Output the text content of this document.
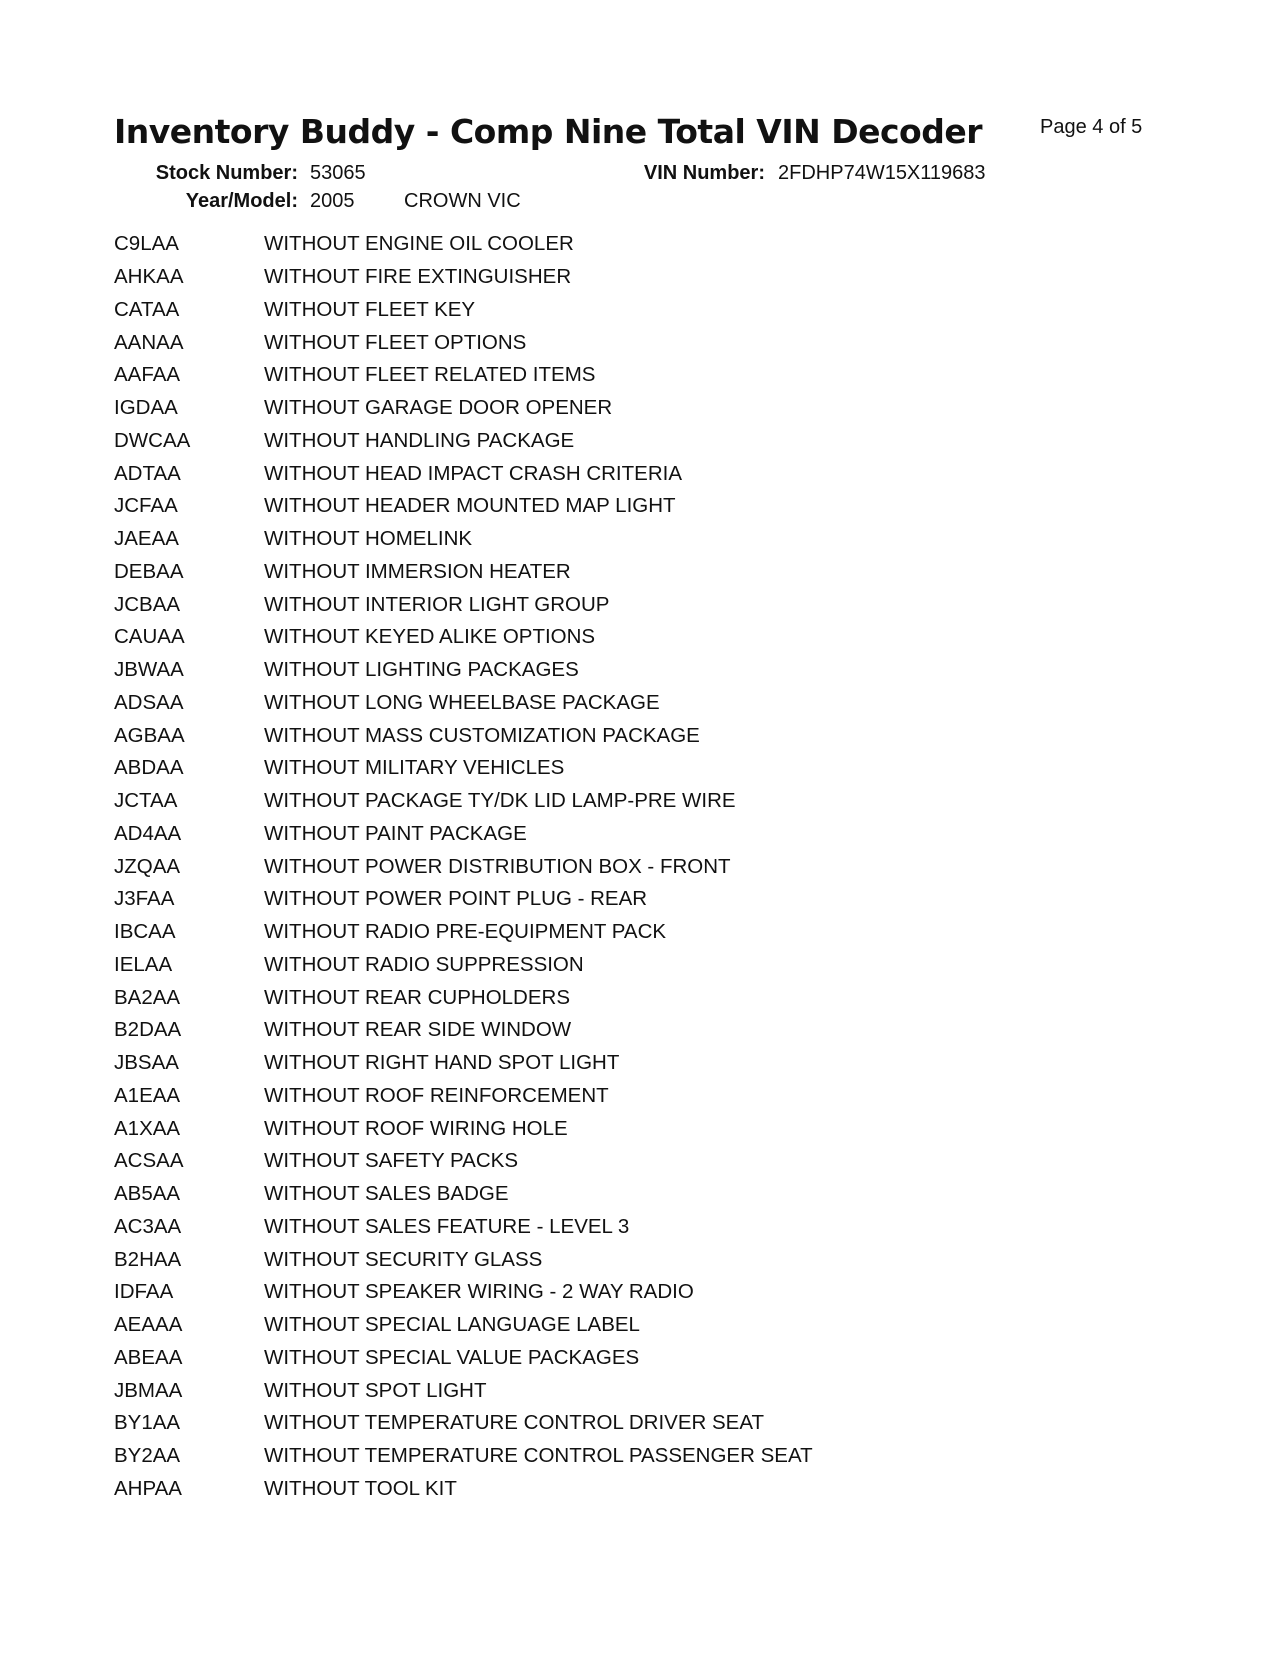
Inventory Buddy - Comp Nine Total VIN Decoder	Page 4 of 5
Stock Number: 53065	VIN Number: 2FDHP74W15X119683
Year/Model: 2005 CROWN VIC
C9LAA	WITHOUT ENGINE OIL COOLER
AHKAA	WITHOUT FIRE EXTINGUISHER
CATAA	WITHOUT FLEET KEY
AANAA	WITHOUT FLEET OPTIONS
AAFAA	WITHOUT FLEET RELATED ITEMS
IGDAA	WITHOUT GARAGE DOOR OPENER
DWCAA	WITHOUT HANDLING PACKAGE
ADTAA	WITHOUT HEAD IMPACT CRASH CRITERIA
JCFAA	WITHOUT HEADER MOUNTED MAP LIGHT
JAEAA	WITHOUT HOMELINK
DEBAA	WITHOUT IMMERSION HEATER
JCBAA	WITHOUT INTERIOR LIGHT GROUP
CAUAA	WITHOUT KEYED ALIKE OPTIONS
JBWAA	WITHOUT LIGHTING PACKAGES
ADSAA	WITHOUT LONG WHEELBASE PACKAGE
AGBAA	WITHOUT MASS CUSTOMIZATION PACKAGE
ABDAA	WITHOUT MILITARY VEHICLES
JCTAA	WITHOUT PACKAGE TY/DK LID LAMP-PRE WIRE
AD4AA	WITHOUT PAINT PACKAGE
JZQAA	WITHOUT POWER DISTRIBUTION BOX - FRONT
J3FAA	WITHOUT POWER POINT PLUG - REAR
IBCAA	WITHOUT RADIO PRE-EQUIPMENT PACK
IELAA	WITHOUT RADIO SUPPRESSION
BA2AA	WITHOUT REAR CUPHOLDERS
B2DAA	WITHOUT REAR SIDE WINDOW
JBSAA	WITHOUT RIGHT HAND SPOT LIGHT
A1EAA	WITHOUT ROOF REINFORCEMENT
A1XAA	WITHOUT ROOF WIRING HOLE
ACSAA	WITHOUT SAFETY PACKS
AB5AA	WITHOUT SALES BADGE
AC3AA	WITHOUT SALES FEATURE - LEVEL 3
B2HAA	WITHOUT SECURITY GLASS
IDFAA	WITHOUT SPEAKER WIRING - 2 WAY RADIO
AEAAA	WITHOUT SPECIAL LANGUAGE LABEL
ABEAA	WITHOUT SPECIAL VALUE PACKAGES
JBMAA	WITHOUT SPOT LIGHT
BY1AA	WITHOUT TEMPERATURE CONTROL DRIVER SEAT
BY2AA	WITHOUT TEMPERATURE CONTROL PASSENGER SEAT
AHPAA	WITHOUT TOOL KIT
